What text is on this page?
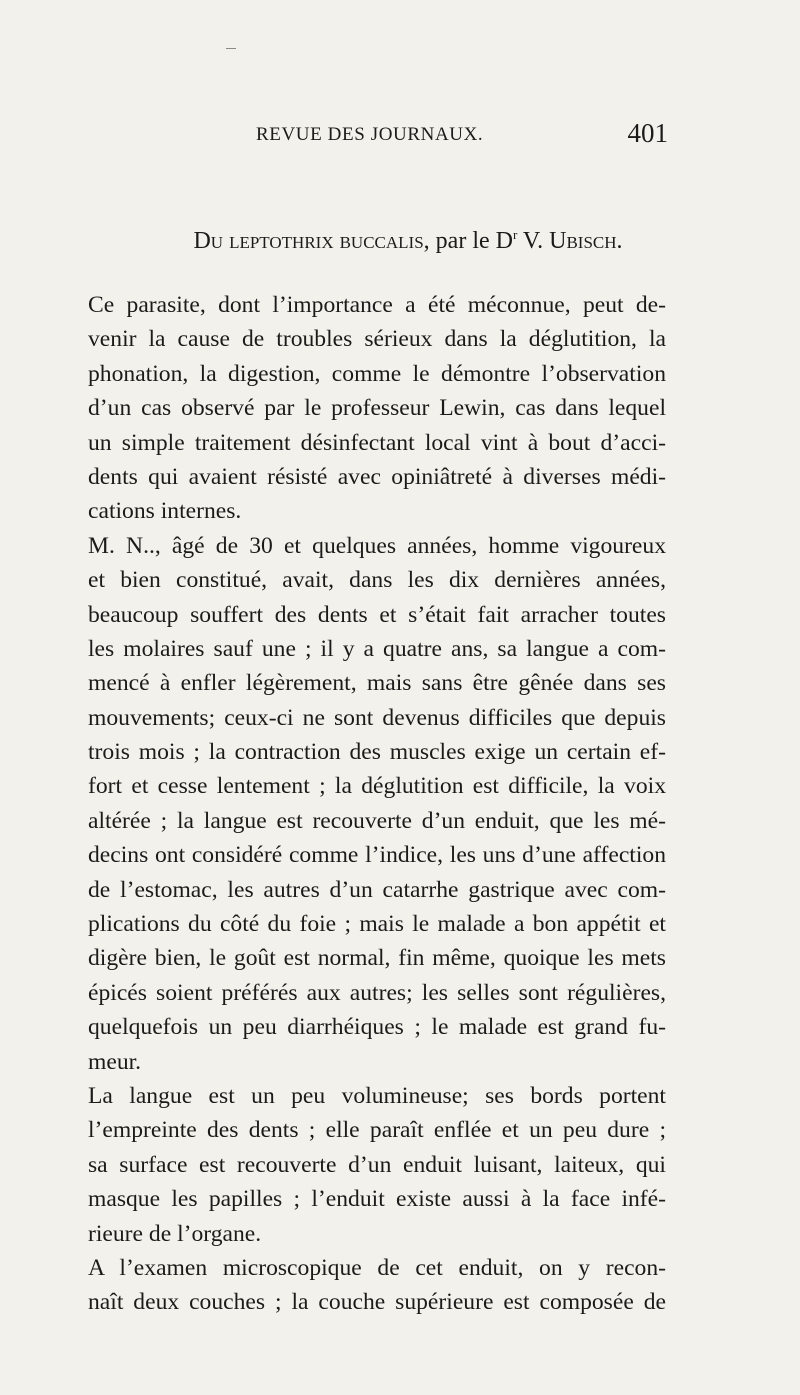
REVUE DES JOURNAUX.	401
Du leptothrix buccalis, par le $D^r$ V. Ubisch.
Ce parasite, dont l’importance a été méconnue, peut de-
venir la cause de troubles sérieux dans la déglutition, la
phonation, la digestion, comme le démontre l’observation
d’un cas observé par le professeur Lewin, cas dans lequel
un simple traitement désinfectant local vint à bout d’acci-
dents qui avaient résisté avec opiniâtreté à diverses médi-
cations internes.
M. N.., âgé de 30 et quelques années, homme vigoureux
et bien constitué, avait, dans les dix dernières années,
beaucoup souffert des dents et s’était fait arracher toutes
les molaires sauf une ; il y a quatre ans, sa langue a com-
mencé à enfler légèrement, mais sans être gênée dans ses
mouvements; ceux-ci ne sont devenus difficiles que depuis
trois mois ; la contraction des muscles exige un certain ef-
fort et cesse lentement ; la déglutition est difficile, la voix
altérée ; la langue est recouverte d’un enduit, que les mé-
decins ont considéré comme l’indice, les uns d’une affection
de l’estomac, les autres d’un catarrhe gastrique avec com-
plications du côté du foie ; mais le malade a bon appétit et
digère bien, le goût est normal, fin même, quoique les mets
épicés soient préférés aux autres; les selles sont régulières,
quelquefois un peu diarrhéiques ; le malade est grand fu-
meur.
La langue est un peu volumineuse; ses bords portent
l’empreinte des dents ; elle paraît enflée et un peu dure ;
sa surface est recouverte d’un enduit luisant, laiteux, qui
masque les papilles ; l’enduit existe aussi à la face infé-
rieure de l’organe.
A l’examen microscopique de cet enduit, on y recon-
naît deux couches ; la couche supérieure est composée de
